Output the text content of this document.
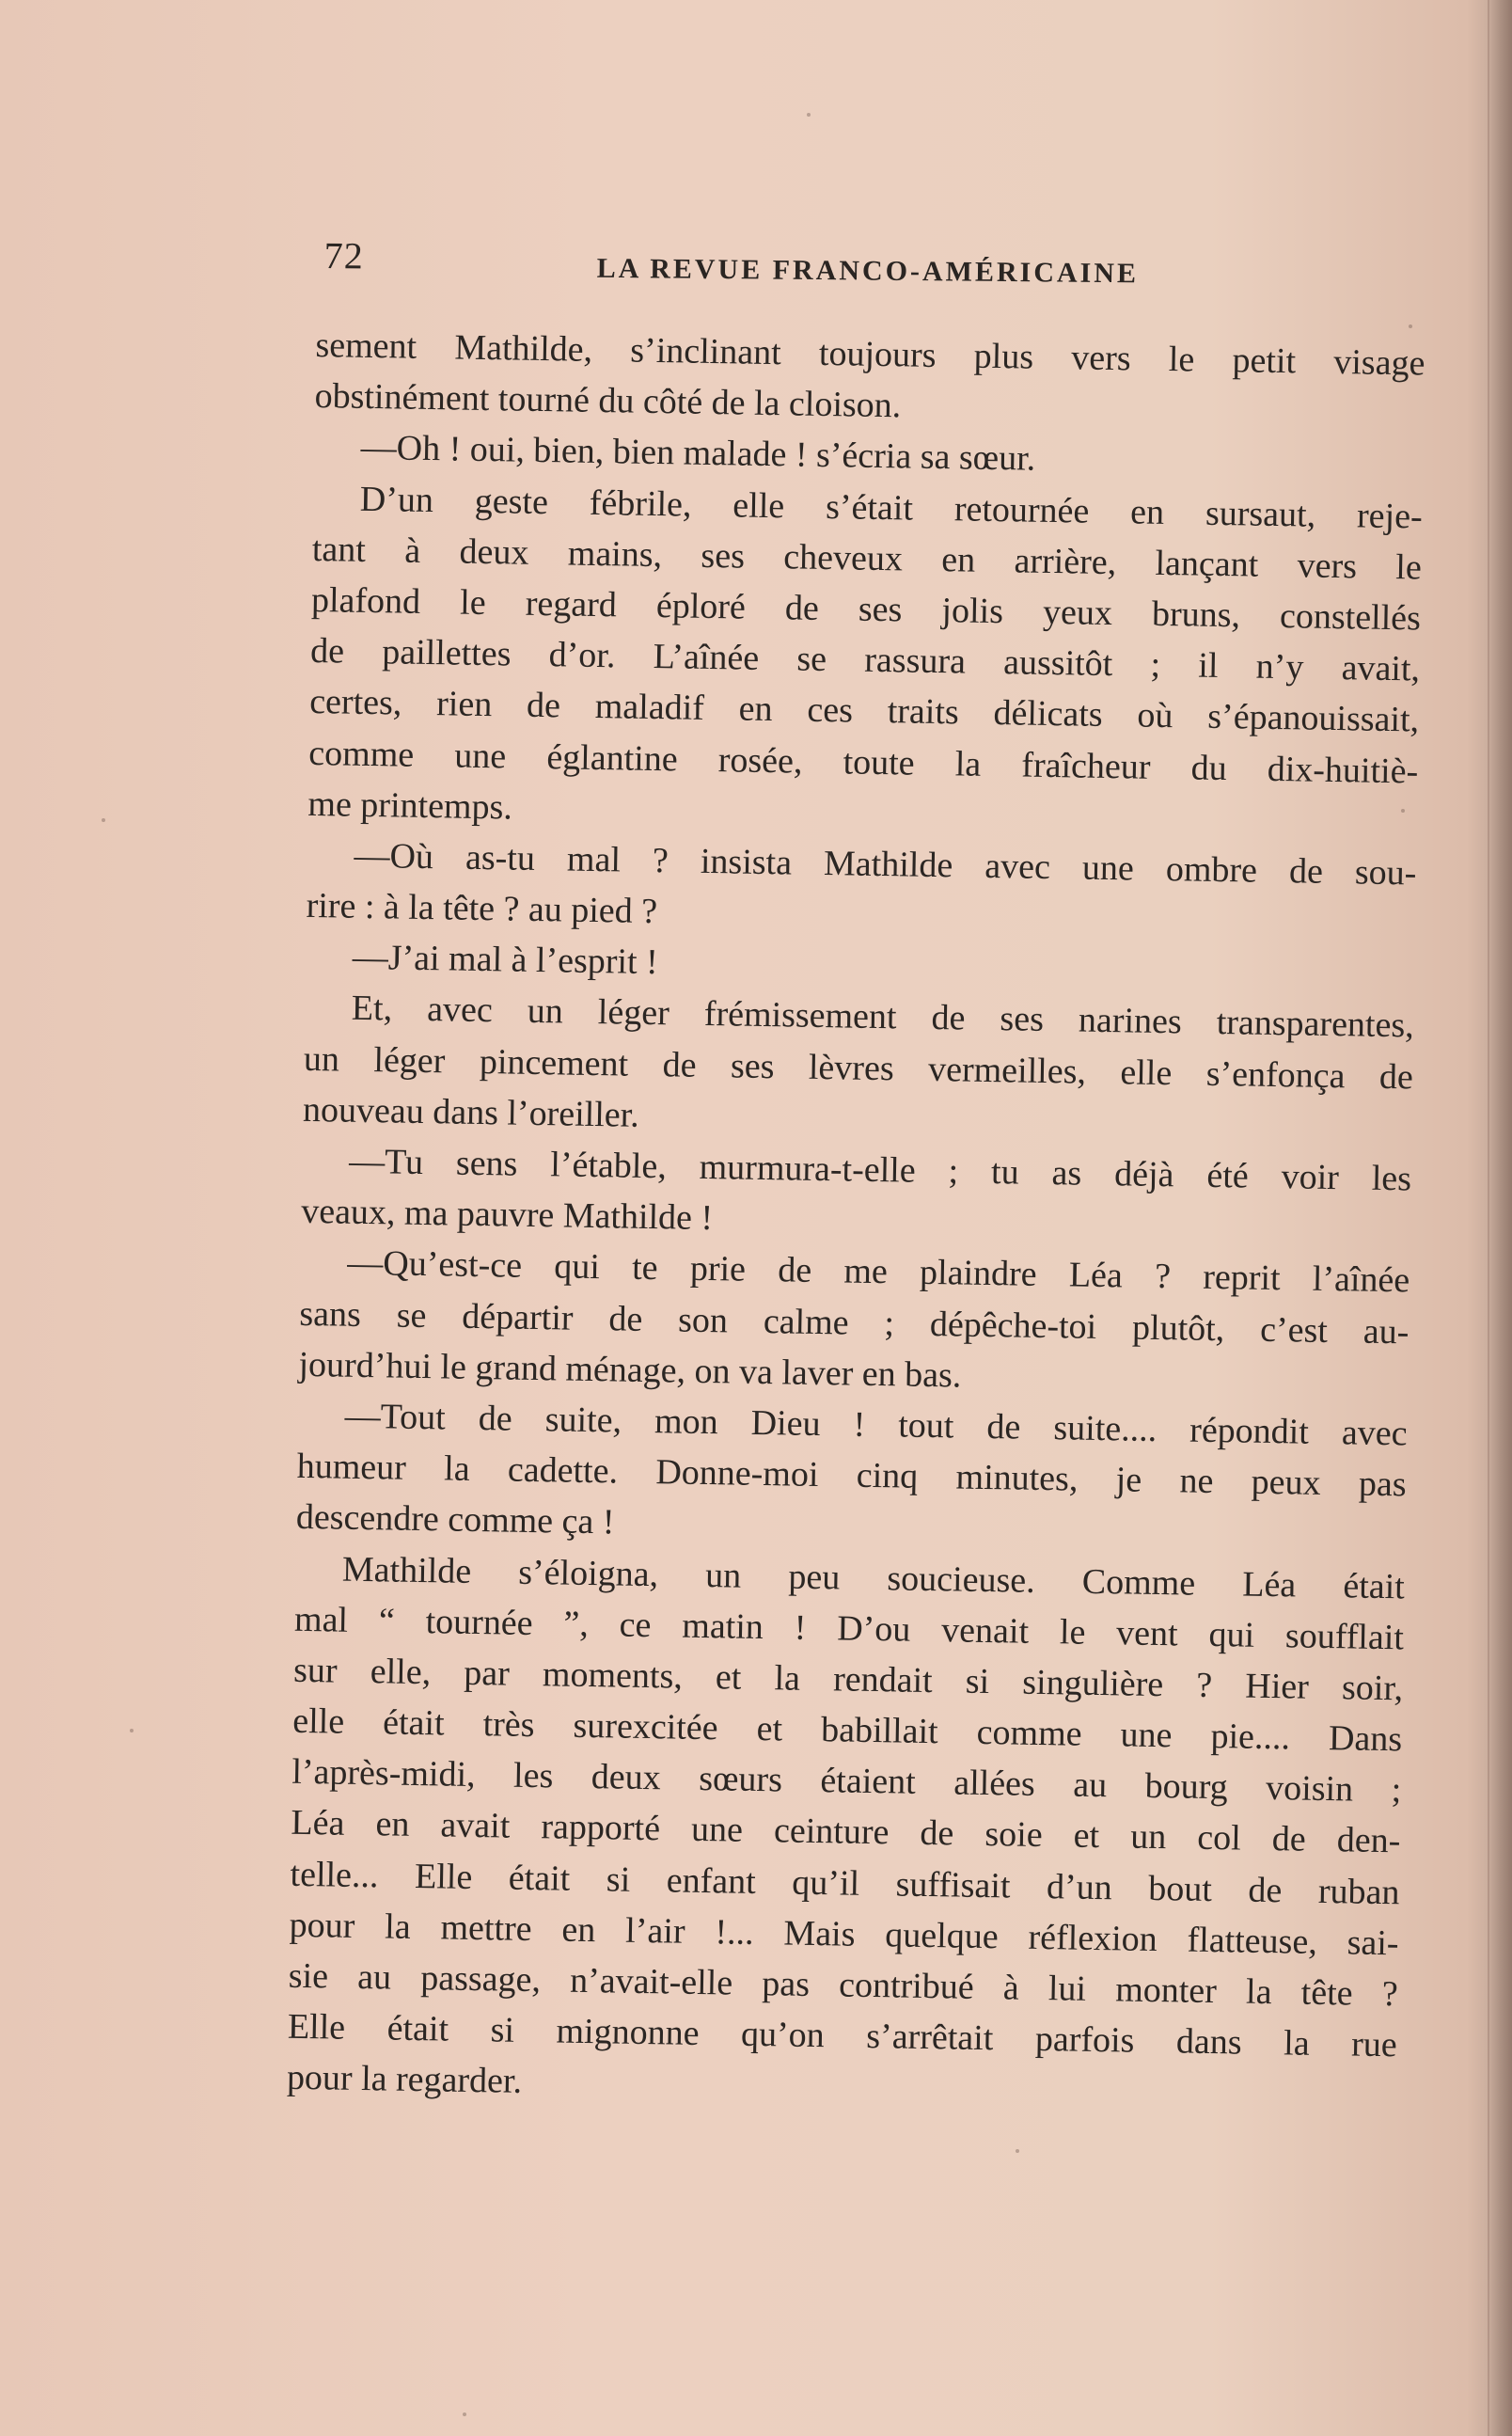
72	LA REVUE FRANCO-AMÉRICAINE
sement Mathilde, s’inclinant toujours plus vers le petit visage
obstinément tourné du côté de la cloison.
—Oh ! oui, bien, bien malade ! s’écria sa sœur.
D’un geste fébrile, elle s’était retournée en sursaut, reje-
tant à deux mains, ses cheveux en arrière, lançant vers le
plafond le regard éploré de ses jolis yeux bruns, constellés
de paillettes d’or. L’aînée se rassura aussitôt ; il n’y avait,
certes, rien de maladif en ces traits délicats où s’épanouissait,
comme une églantine rosée, toute la fraîcheur du dix-huitiè-
me printemps.
—Où as-tu mal ? insista Mathilde avec une ombre de sou-
rire : à la tête ? au pied ?
—J’ai mal à l’esprit !
Et, avec un léger frémissement de ses narines transparentes,
un léger pincement de ses lèvres vermeilles, elle s’enfonça de
nouveau dans l’oreiller.
—Tu sens l’étable, murmura-t-elle ; tu as déjà été voir les
veaux, ma pauvre Mathilde !
—Qu’est-ce qui te prie de me plaindre Léa ? reprit l’aînée
sans se départir de son calme ; dépêche-toi plutôt, c’est au-
jourd’hui le grand ménage, on va laver en bas.
—Tout de suite, mon Dieu ! tout de suite.... répondit avec
humeur la cadette. Donne-moi cinq minutes, je ne peux pas
descendre comme ça !
Mathilde s’éloigna, un peu soucieuse. Comme Léa était
mal “ tournée ”, ce matin ! D’ou venait le vent qui soufflait
sur elle, par moments, et la rendait si singulière ? Hier soir,
elle était très surexcitée et babillait comme une pie.... Dans
l’après-midi, les deux sœurs étaient allées au bourg voisin ;
Léa en avait rapporté une ceinture de soie et un col de den-
telle... Elle était si enfant qu’il suffisait d’un bout de ruban
pour la mettre en l’air !... Mais quelque réflexion flatteuse, sai-
sie au passage, n’avait-elle pas contribué à lui monter la tête ?
Elle était si mignonne qu’on s’arrêtait parfois dans la rue
pour la regarder.
